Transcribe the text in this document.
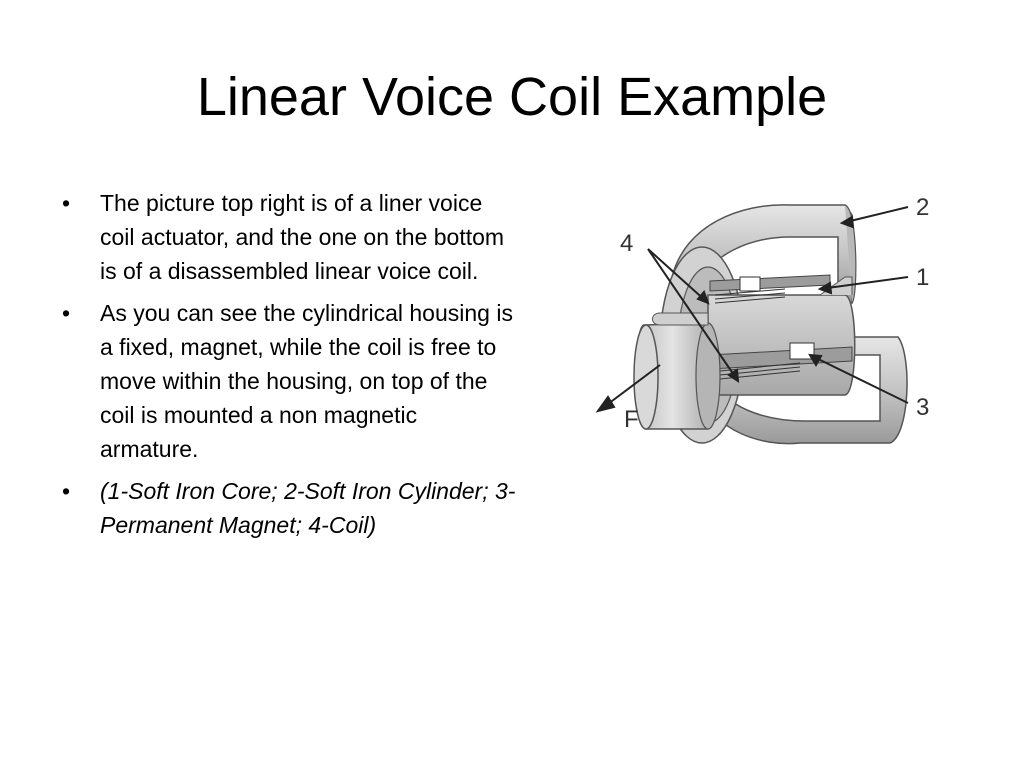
Linear Voice Coil Example
• The picture top right is of a liner voice coil actuator, and the one on the bottom is of a disassembled linear voice coil.
• As you can see the cylindrical housing is a fixed, magnet, while the coil is free to move within the housing, on top of the coil is mounted a non magnetic armature.
• (1-Soft Iron Core; 2-Soft Iron Cylinder; 3-Permanent Magnet; 4-Coil)
2
1
3
4
F
